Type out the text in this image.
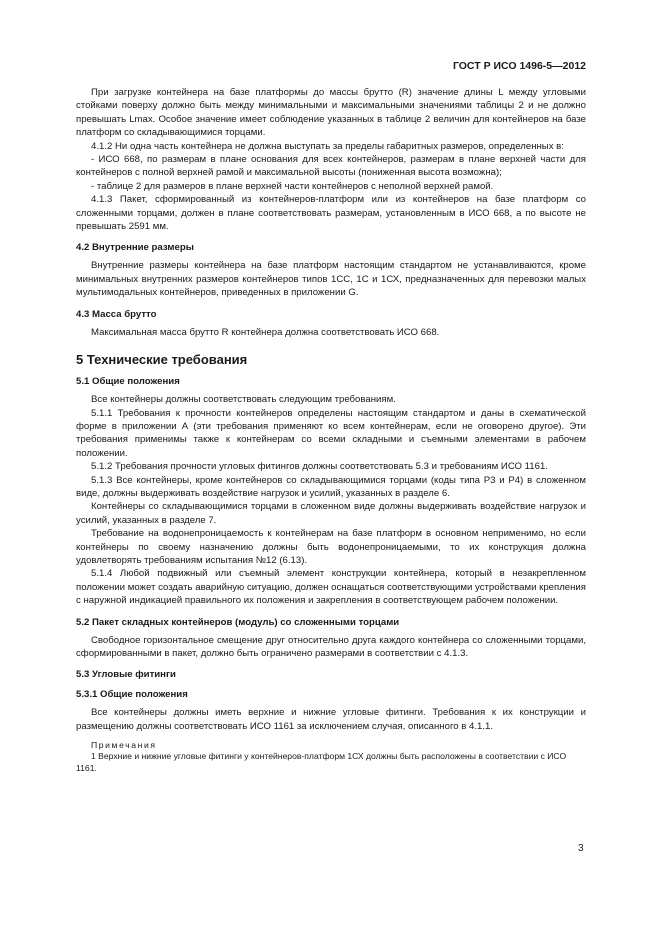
ГОСТ Р ИСО 1496-5—2012

При загрузке контейнера на базе платформы до массы брутто (R) значение длины L между угловыми стойками поверху должно быть между минимальными и максимальными значениями таблицы 2 и не должно превышать Lmax. Особое значение имеет соблюдение указанных в таблице 2 величин для контейнеров на базе платформ со складывающимися торцами.

4.1.2 Ни одна часть контейнера не должна выступать за пределы габаритных размеров, определенных в:

- ИСО 668, по размерам в плане основания для всех контейнеров, размерам в плане верхней части для контейнеров с полной верхней рамой и максимальной высоты (пониженная высота возможна);

- таблице 2 для размеров в плане верхней части контейнеров с неполной верхней рамой.

4.1.3 Пакет, сформированный из контейнеров-платформ или из контейнеров на базе платформ со сложенными торцами, должен в плане соответствовать размерам, установленным в ИСО 668, а по высоте не превышать 2591 мм.

4.2 Внутренние размеры

Внутренние размеры контейнера на базе платформ настоящим стандартом не устанавливаются, кроме минимальных внутренних размеров контейнеров типов 1СС, 1С и 1СХ, предназначенных для перевозки малых мультимодальных контейнеров, приведенных в приложении G.

4.3 Масса брутто

Максимальная масса брутто R контейнера должна соответствовать ИСО 668.

5 Технические требования
5.1 Общие положения

Все контейнеры должны соответствовать следующим требованиям.

5.1.1 Требования к прочности контейнеров определены настоящим стандартом и даны в схематической форме в приложении А (эти требования применяют ко всем контейнерам, если не оговорено другое). Эти требования применимы также к контейнерам со всеми складными и съемными элементами в рабочем положении.

5.1.2 Требования прочности угловых фитингов должны соответствовать 5.3 и требованиям ИСО 1161.

5.1.3 Все контейнеры, кроме контейнеров со складывающимися торцами (коды типа Р3 и Р4) в сложенном виде, должны выдерживать воздействие нагрузок и усилий, указанных в разделе 6.

Контейнеры со складывающимися торцами в сложенном виде должны выдерживать воздействие нагрузок и усилий, указанных в разделе 7.

Требование на водонепроницаемость к контейнерам на базе платформ в основном неприменимо, но если контейнеры по своему назначению должны быть водонепроницаемыми, то их конструкция должна удовлетворять требованиям испытания №12 (6.13).

5.1.4 Любой подвижный или съемный элемент конструкции контейнера, который в незакрепленном положении может создать аварийную ситуацию, должен оснащаться соответствующими устройствами крепления с наружной индикацией правильного их положения и закрепления в соответствующем рабочем положении.

5.2 Пакет складных контейнеров (модуль) со сложенными торцами

Свободное горизонтальное смещение друг относительно друга каждого контейнера со сложенными торцами, сформированными в пакет, должно быть ограничено размерами в соответствии с 4.1.3.

5.3 Угловые фитинги
5.3.1 Общие положения

Все контейнеры должны иметь верхние и нижние угловые фитинги. Требования к их конструкции и размещению должны соответствовать ИСО 1161 за исключением случая, описанного в 4.1.1.

Примечания
1 Верхние и нижние угловые фитинги у контейнеров-платформ 1СХ должны быть расположены в соответствии с ИСО 1161.
3
